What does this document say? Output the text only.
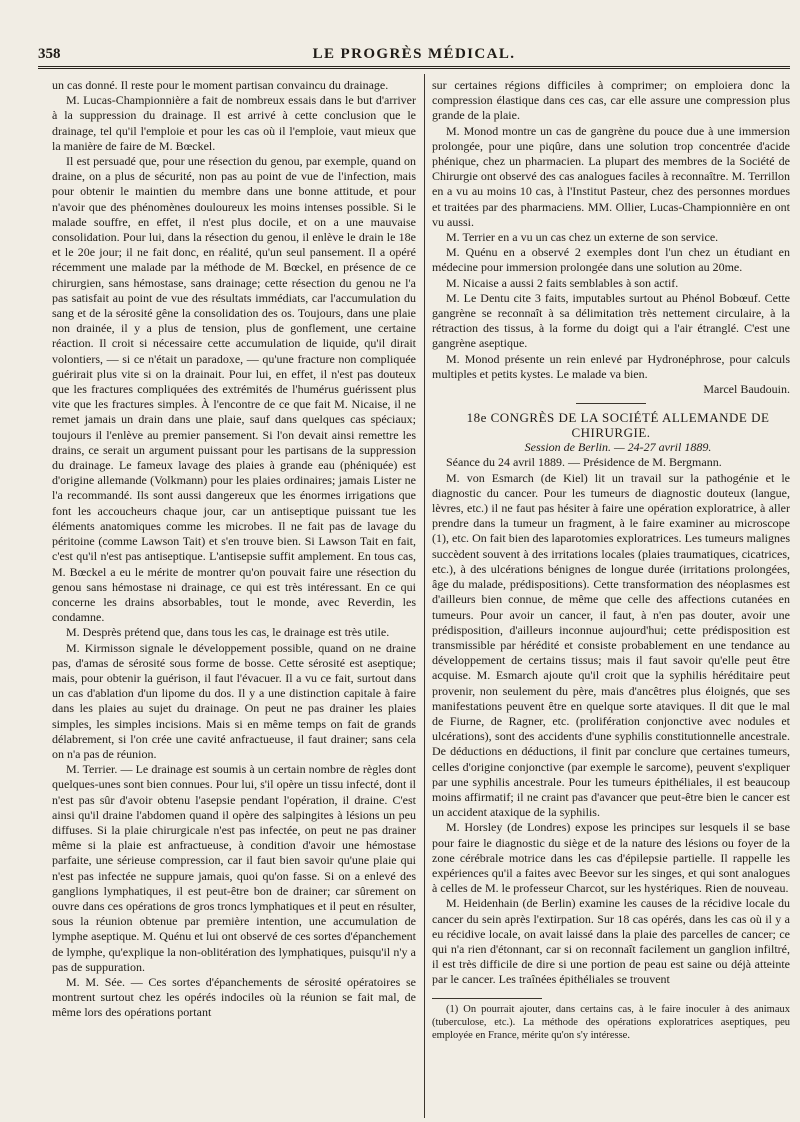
358	LE PROGRÈS MÉDICAL.

un cas donné. Il reste pour le moment partisan convaincu du drainage.

M. Lucas-Championnière a fait de nombreux essais dans le but d'arriver à la suppression du drainage. Il est arrivé à cette conclusion que le drainage, tel qu'il l'emploie et pour les cas où il l'emploie, vaut mieux que la manière de faire de M. Bœckel.

Il est persuadé que, pour une résection du genou, par exemple, quand on draine, on a plus de sécurité, non pas au point de vue de l'infection, mais pour obtenir le maintien du membre dans une bonne attitude, et pour n'avoir que des phénomènes douloureux les moins intenses possible. Si le malade souffre, en effet, il n'est plus docile, et on a une mauvaise consolidation. Pour lui, dans la résection du genou, il enlève le drain le 18e et le 20e jour; il ne fait donc, en réalité, qu'un seul pansement. Il a opéré récemment une malade par la méthode de M. Bœckel, en présence de ce chirurgien, sans hémostase, sans drainage; cette résection du genou ne l'a pas satisfait au point de vue des résultats immédiats, car l'accumulation du sang et de la sérosité gêne la consolidation des os. Toujours, dans une plaie non drainée, il y a plus de tension, plus de gonflement, une certaine réaction. Il croit si nécessaire cette accumulation de liquide, qu'il dirait volontiers, — si ce n'était un paradoxe, — qu'une fracture non compliquée guérirait plus vite si on la drainait. Pour lui, en effet, il n'est pas douteux que les fractures compliquées des extrémités de l'humérus guérissent plus vite que les fractures simples. À l'encontre de ce que fait M. Nicaise, il ne remet jamais un drain dans une plaie, sauf dans quelques cas spéciaux; toujours il l'enlève au premier pansement. Si l'on devait ainsi remettre les drains, ce serait un argument puissant pour les partisans de la suppression du drainage. Le fameux lavage des plaies à grande eau (phéniquée) est d'origine allemande (Volkmann) pour les plaies ordinaires; jamais Lister ne l'a recommandé. Ils sont aussi dangereux que les énormes irrigations que font les accoucheurs chaque jour, car un antiseptique puissant tue les éléments anatomiques comme les microbes. Il ne fait pas de lavage du péritoine (comme Lawson Tait) et s'en trouve bien. Si Lawson Tait en fait, c'est qu'il n'est pas antiseptique. L'antisepsie suffit amplement. En tous cas, M. Bœckel a eu le mérite de montrer qu'on pouvait faire une résection du genou sans hémostase ni drainage, ce qui est très intéressant. En ce qui concerne les drains absorbables, tout le monde, avec Reverdin, les condamne.

M. Desprès prétend que, dans tous les cas, le drainage est très utile.

M. Kirmisson signale le développement possible, quand on ne draine pas, d'amas de sérosité sous forme de bosse. Cette sérosité est aseptique; mais, pour obtenir la guérison, il faut l'évacuer. Il a vu ce fait, surtout dans un cas d'ablation d'un lipome du dos. Il y a une distinction capitale à faire dans les plaies au sujet du drainage. On peut ne pas drainer les plaies simples, les simples incisions. Mais si en même temps on fait de grands délabrement, si l'on crée une cavité anfractueuse, il faut drainer; sans cela on n'a pas de réunion.

M. Terrier. — Le drainage est soumis à un certain nombre de règles dont quelques-unes sont bien connues. Pour lui, s'il opère un tissu infecté, dont il n'est pas sûr d'avoir obtenu l'asepsie pendant l'opération, il draine. C'est ainsi qu'il draine l'abdomen quand il opère des salpingites à lésions un peu diffuses. Si la plaie chirurgicale n'est pas infectée, on peut ne pas drainer même si la plaie est anfractueuse, à condition d'avoir une hémostase parfaite, une sérieuse compression, car il faut bien savoir qu'une plaie qui n'est pas infectée ne suppure jamais, quoi qu'on fasse. Si on a enlevé des ganglions lymphatiques, il est peut-être bon de drainer; car sûrement on ouvre dans ces opérations de gros troncs lymphatiques et il peut en résulter, sous la réunion obtenue par première intention, une accumulation de lymphe aseptique. M. Quénu et lui ont observé de ces sortes d'épanchement de lymphe, qu'explique la non-oblitération des lymphatiques, puisqu'il n'y a pas de suppuration.

M. M. Sée. — Ces sortes d'épanchements de sérosité opératoires se montrent surtout chez les opérés indociles où la réunion se fait mal, de même lors des opérations portant

sur certaines régions difficiles à comprimer; on emploiera donc la compression élastique dans ces cas, car elle assure une compression plus grande de la plaie.

M. Monod montre un cas de gangrène du pouce due à une immersion prolongée, pour une piqûre, dans une solution trop concentrée d'acide phénique, chez un pharmacien. La plupart des membres de la Société de Chirurgie ont observé des cas analogues faciles à reconnaître. M. Terrillon en a vu au moins 10 cas, à l'Institut Pasteur, chez des personnes mordues et traitées par des pharmaciens. MM. Ollier, Lucas-Championnière en ont vu aussi.

M. Terrier en a vu un cas chez un externe de son service.

M. Quénu en a observé 2 exemples dont l'un chez un étudiant en médecine pour immersion prolongée dans une solution au 20me.

M. Nicaise a aussi 2 faits semblables à son actif.

M. Le Dentu cite 3 faits, imputables surtout au Phénol Bobœuf. Cette gangrène se reconnaît à sa délimitation très nettement circulaire, à la rétraction des tissus, à la forme du doigt qui a l'air étranglé. C'est une gangrène aseptique.

M. Monod présente un rein enlevé par Hydronéphrose, pour calculs multiples et petits kystes. Le malade va bien.

Marcel Baudouin.

18e CONGRÈS DE LA SOCIÉTÉ ALLEMANDE DE CHIRURGIE.

Session de Berlin. — 24-27 avril 1889.

Séance du 24 avril 1889. — Présidence de M. Bergmann.

M. von Esmarch (de Kiel) lit un travail sur la pathogénie et le diagnostic du cancer. Pour les tumeurs de diagnostic douteux (langue, lèvres, etc.) il ne faut pas hésiter à faire une opération exploratrice, à aller prendre dans la tumeur un fragment, à le faire examiner au microscope (1), etc. On fait bien des laparotomies exploratrices. Les tumeurs malignes succèdent souvent à des irritations locales (plaies traumatiques, cicatrices, etc.), à des ulcérations bénignes de longue durée (irritations prolongées, âge du malade, prédispositions). Cette transformation des néoplasmes est d'ailleurs bien connue, de même que celle des affections cutanées en tumeurs. Pour avoir un cancer, il faut, à n'en pas douter, avoir une prédisposition, d'ailleurs inconnue aujourd'hui; cette prédisposition est transmissible par hérédité et consiste probablement en une tendance au développement de certains tissus; mais il faut savoir qu'elle peut être acquise. M. Esmarch ajoute qu'il croit que la syphilis héréditaire peut provenir, non seulement du père, mais d'ancêtres plus éloignés, que ses manifestations peuvent être en quelque sorte ataviques. Il dit que le mal de Fiurne, de Ragner, etc. (prolifération conjonctive avec nodules et ulcérations), sont des accidents d'une syphilis constitutionnelle ancestrale. De déductions en déductions, il finit par conclure que certaines tumeurs, celles d'origine conjonctive (par exemple le sarcome), peuvent s'expliquer par une syphilis ancestrale. Pour les tumeurs épithéliales, il est beaucoup moins affirmatif; il ne craint pas d'avancer que peut-être bien le cancer est un accident ataxique de la syphilis.

M. Horsley (de Londres) expose les principes sur lesquels il se base pour faire le diagnostic du siège et de la nature des lésions ou foyer de la zone cérébrale motrice dans les cas d'épilepsie partielle. Il rappelle les expériences qu'il a faites avec Beevor sur les singes, et qui sont analogues à celles de M. le professeur Charcot, sur les hystériques. Rien de nouveau.

M. Heidenhain (de Berlin) examine les causes de la récidive locale du cancer du sein après l'extirpation. Sur 18 cas opérés, dans les cas où il y a eu récidive locale, on avait laissé dans la plaie des parcelles de cancer; ce qui n'a rien d'étonnant, car si on reconnaît facilement un ganglion infiltré, il est très difficile de dire si une portion de peau est saine ou déjà atteinte par le cancer. Les traînées épithéliales se trouvent

(1) On pourrait ajouter, dans certains cas, à le faire inoculer à des animaux (tuberculose, etc.). La méthode des opérations exploratrices aseptiques, peu employée en France, mérite qu'on s'y intéresse.
